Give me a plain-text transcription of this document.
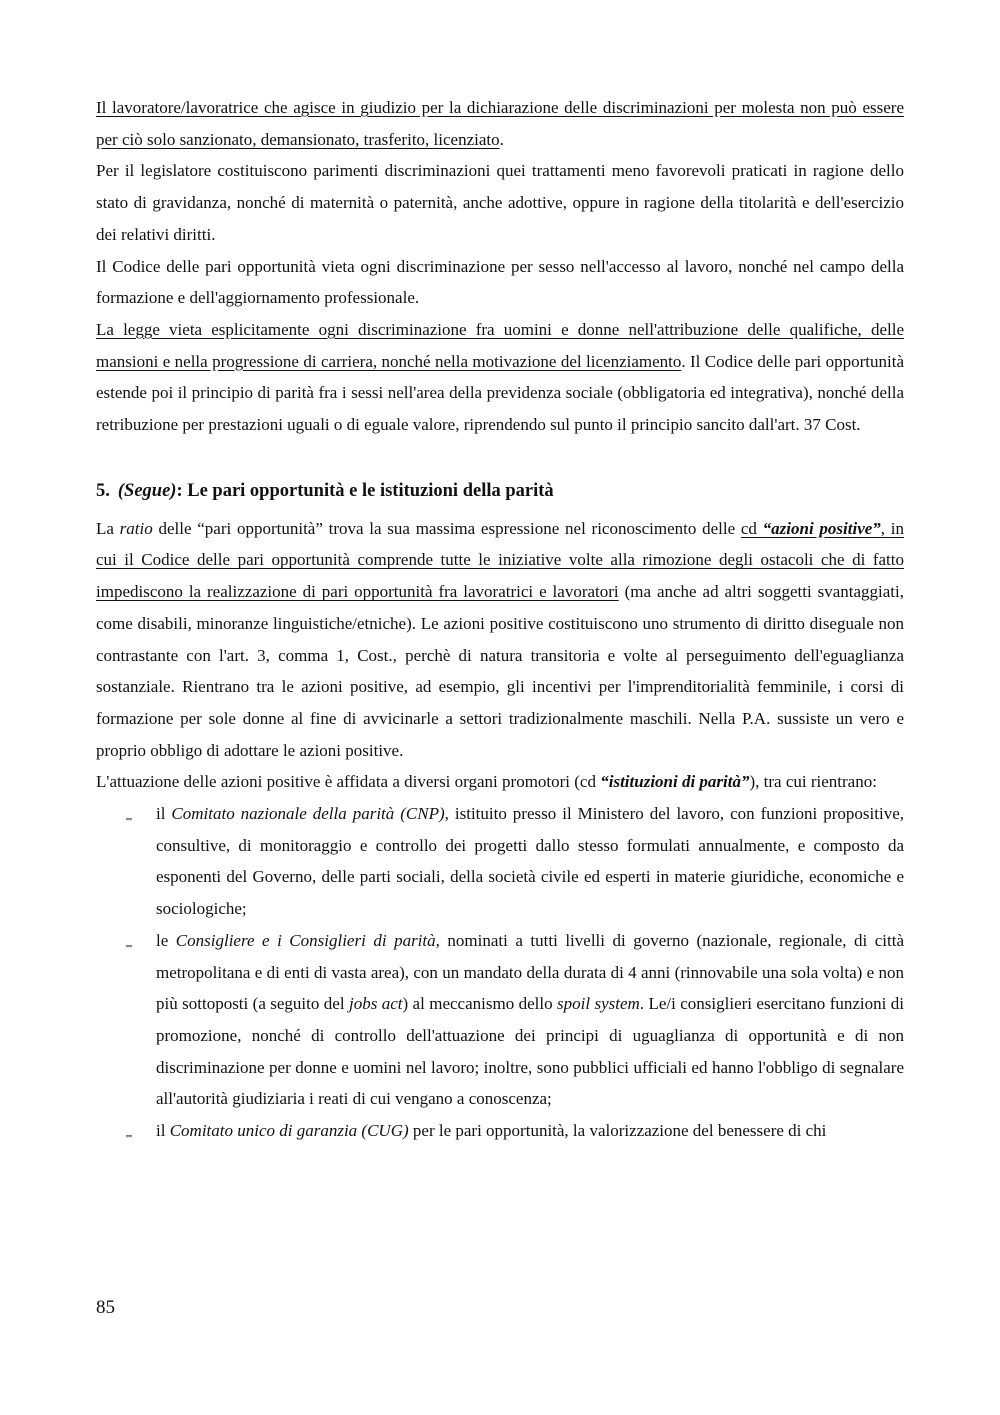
Il lavoratore/lavoratrice che agisce in giudizio per la dichiarazione delle discriminazioni per molesta non può essere per ciò solo sanzionato, demansionato, trasferito, licenziato.

Per il legislatore costituiscono parimenti discriminazioni quei trattamenti meno favorevoli praticati in ragione dello stato di gravidanza, nonché di maternità o paternità, anche adottive, oppure in ragione della titolarità e dell'esercizio dei relativi diritti.

Il Codice delle pari opportunità vieta ogni discriminazione per sesso nell'accesso al lavoro, nonché nel campo della formazione e dell'aggiornamento professionale.

La legge vieta esplicitamente ogni discriminazione fra uomini e donne nell'attribuzione delle qualifiche, delle mansioni e nella progressione di carriera, nonché nella motivazione del licenziamento. Il Codice delle pari opportunità estende poi il principio di parità fra i sessi nell'area della previdenza sociale (obbligatoria ed integrativa), nonché della retribuzione per prestazioni uguali o di eguale valore, riprendendo sul punto il principio sancito dall'art. 37 Cost.

5. (Segue): Le pari opportunità e le istituzioni della parità

La ratio delle “pari opportunità” trova la sua massima espressione nel riconoscimento delle cd “azioni positive”, in cui il Codice delle pari opportunità comprende tutte le iniziative volte alla rimozione degli ostacoli che di fatto impediscono la realizzazione di pari opportunità fra lavoratrici e lavoratori (ma anche ad altri soggetti svantaggiati, come disabili, minoranze linguistiche/etniche). Le azioni positive costituiscono uno strumento di diritto diseguale non contrastante con l'art. 3, comma 1, Cost., perchè di natura transitoria e volte al perseguimento dell'eguaglianza sostanziale. Rientrano tra le azioni positive, ad esempio, gli incentivi per l'imprenditorialità femminile, i corsi di formazione per sole donne al fine di avvicinarle a settori tradizionalmente maschili. Nella P.A. sussiste un vero e proprio obbligo di adottare le azioni positive.

L'attuazione delle azioni positive è affidata a diversi organi promotori (cd “istituzioni di parità”), tra cui rientrano:

‗ il Comitato nazionale della parità (CNP), istituito presso il Ministero del lavoro, con funzioni propositive, consultive, di monitoraggio e controllo dei progetti dallo stesso formulati annualmente, e composto da esponenti del Governo, delle parti sociali, della società civile ed esperti in materie giuridiche, economiche e sociologiche;
‗ le Consigliere e i Consiglieri di parità, nominati a tutti livelli di governo (nazionale, regionale, di città metropolitana e di enti di vasta area), con un mandato della durata di 4 anni (rinnovabile una sola volta) e non più sottoposti (a seguito del jobs act) al meccanismo dello spoil system. Le/i consiglieri esercitano funzioni di promozione, nonché di controllo dell'attuazione dei principi di uguaglianza di opportunità e di non discriminazione per donne e uomini nel lavoro; inoltre, sono pubblici ufficiali ed hanno l'obbligo di segnalare all'autorità giudiziaria i reati di cui vengano a conoscenza;
‗ il Comitato unico di garanzia (CUG) per le pari opportunità, la valorizzazione del benessere di chi
85
